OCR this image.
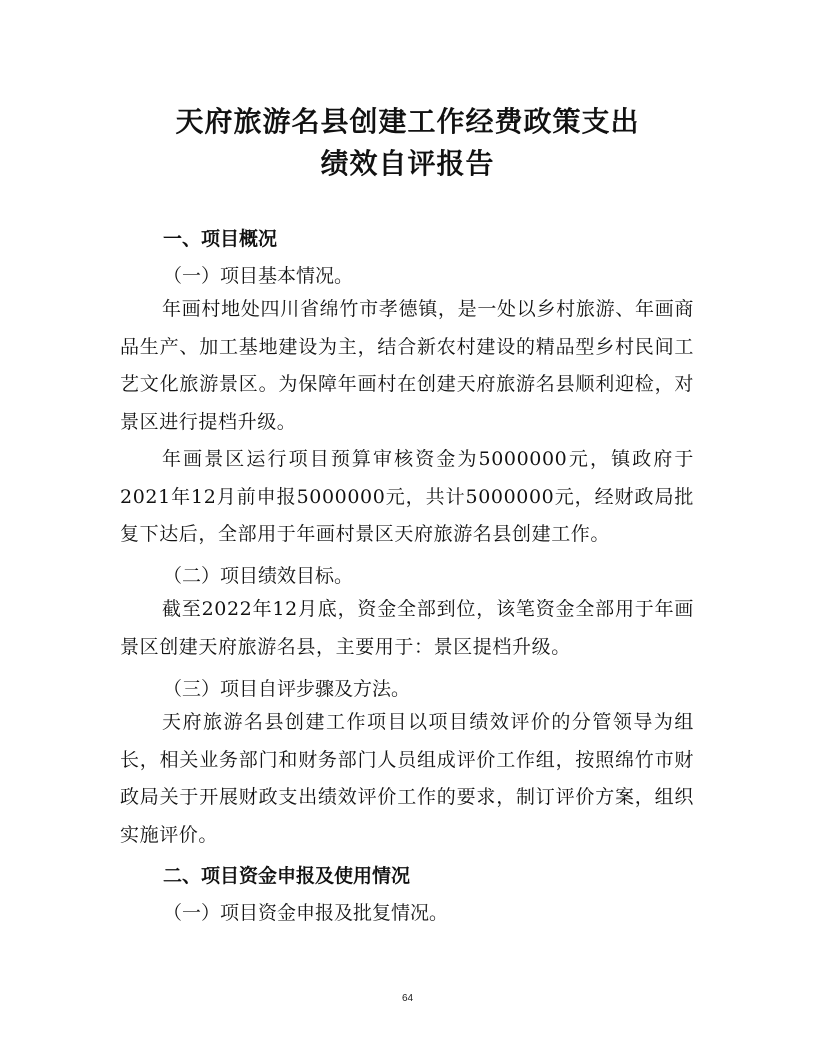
天府旅游名县创建工作经费政策支出
绩效自评报告
一、项目概况
（一）项目基本情况。

年画村地处四川省绵竹市孝德镇，是一处以乡村旅游、年画商品生产、加工基地建设为主，结合新农村建设的精品型乡村民间工艺文化旅游景区。为保障年画村在创建天府旅游名县顺利迎检，对景区进行提档升级。

年画景区运行项目预算审核资金为5000000元，镇政府于2021年12月前申报5000000元，共计5000000元，经财政局批复下达后，全部用于年画村景区天府旅游名县创建工作。

（二）项目绩效目标。

截至2022年12月底，资金全部到位，该笔资金全部用于年画景区创建天府旅游名县，主要用于：景区提档升级。

（三）项目自评步骤及方法。

天府旅游名县创建工作项目以项目绩效评价的分管领导为组长，相关业务部门和财务部门人员组成评价工作组，按照绵竹市财政局关于开展财政支出绩效评价工作的要求，制订评价方案，组织实施评价。

二、项目资金申报及使用情况
（一）项目资金申报及批复情况。
64
